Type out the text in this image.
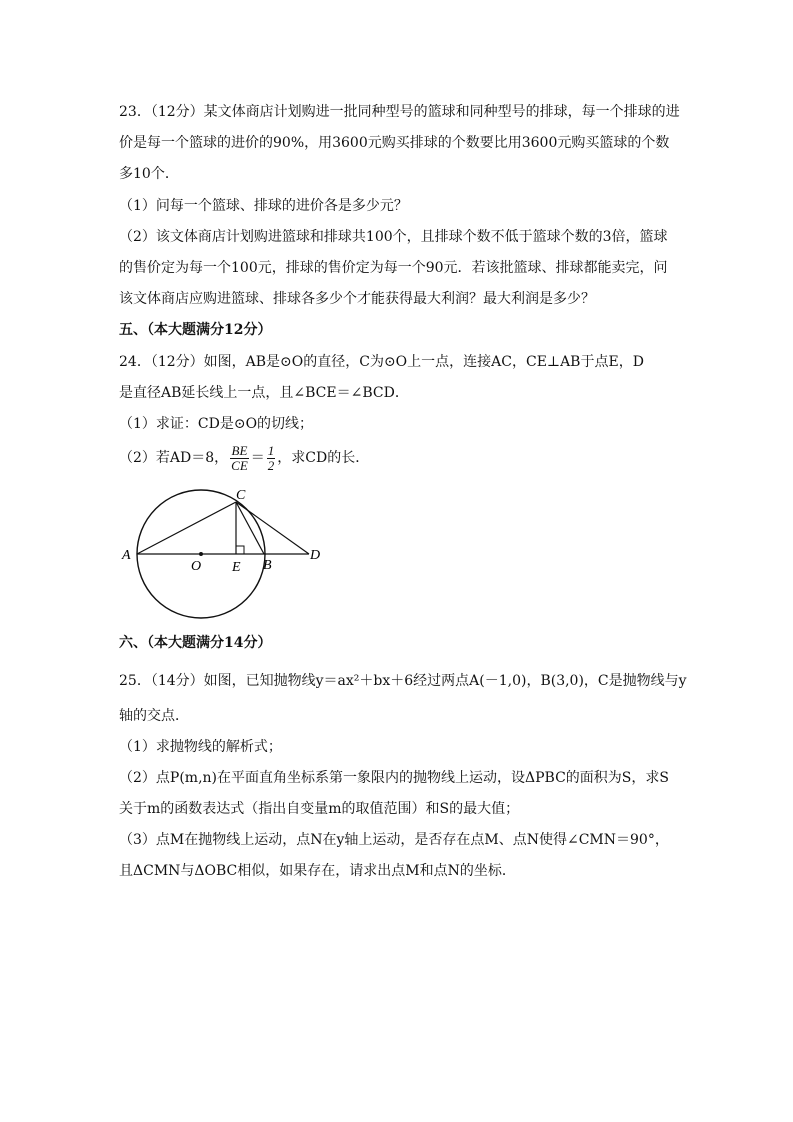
23．（12分）某文体商店计划购进一批同种型号的篮球和同种型号的排球，每一个排球的进
价是每一个篮球的进价的90%，用3600元购买排球的个数要比用3600元购买篮球的个数
多10个．
（1）问每一个篮球、排球的进价各是多少元？
（2）该文体商店计划购进篮球和排球共100个，且排球个数不低于篮球个数的3倍，篮球
的售价定为每一个100元，排球的售价定为每一个90元．若该批篮球、排球都能卖完，问
该文体商店应购进篮球、排球各多少个才能获得最大利润？最大利润是多少？
五、（本大题满分12分）
24．（12分）如图，AB是⊙O的直径，C为⊙O上一点，连接AC，CE⊥AB于点E，D
是直径AB延长线上一点，且∠BCE＝∠BCD．
（1）求证：CD是⊙O的切线；
（2）若AD＝8， $\frac{BE}{CE} = \frac{1}{2}$ ，求CD的长．
A
O E B
C
D
六、（本大题满分14分）
25．（14分）如图，已知抛物线y＝ax²＋bx＋6经过两点A(－1,0)，B(3,0)，C是抛物线与y
轴的交点．
（1）求抛物线的解析式；
（2）点P(m,n)在平面直角坐标系第一象限内的抛物线上运动，设ΔPBC的面积为S，求S
关于m的函数表达式（指出自变量m的取值范围）和S的最大值；
（3）点M在抛物线上运动，点N在y轴上运动，是否存在点M、点N使得∠CMN＝90°，
且ΔCMN与ΔOBC相似，如果存在，请求出点M和点N的坐标．
